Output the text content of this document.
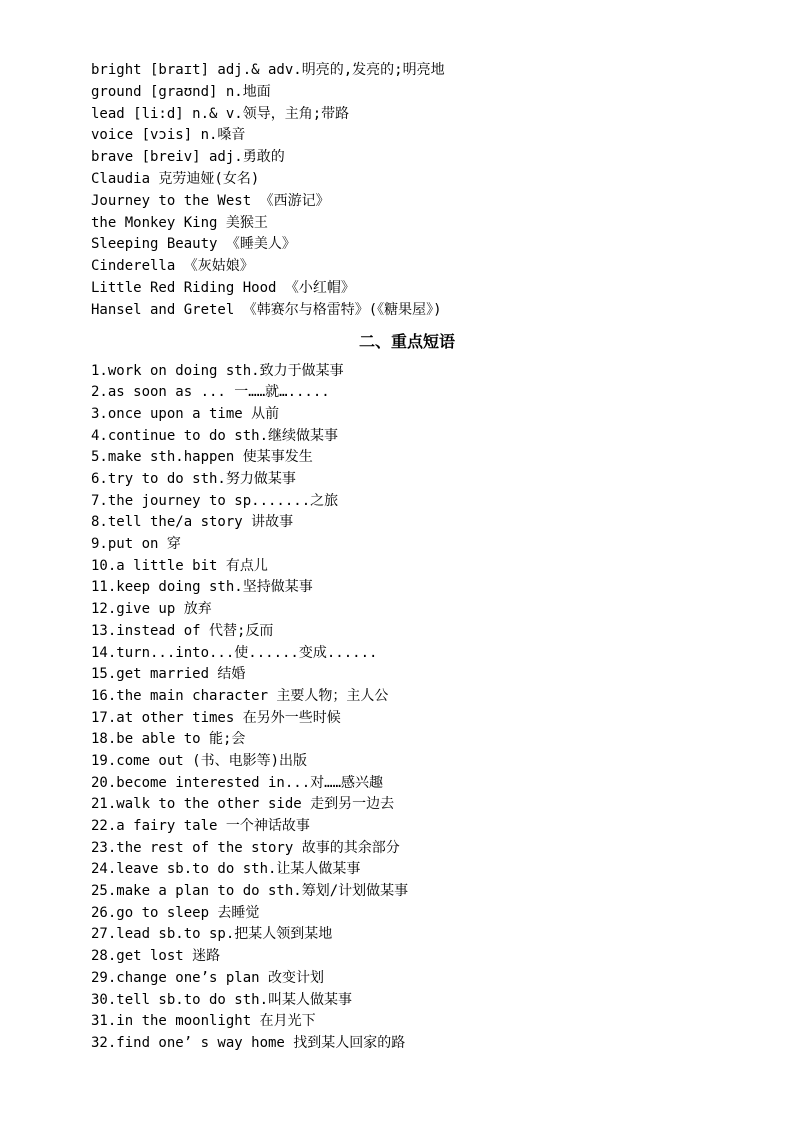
bright [braɪt] adj.& adv.明亮的,发亮的;明亮地
ground [graʊnd] n.地面
lead [li:d] n.& v.领导，主角;带路
voice [vɔis] n.嗓音
brave [breiv] adj.勇敢的
Claudia 克劳迪娅(女名)
Journey to the West 《西游记》
the Monkey King 美猴王
Sleeping Beauty 《睡美人》
Cinderella 《灰姑娘》
Little Red Riding Hood 《小红帽》
Hansel and Gretel 《韩赛尔与格雷特》(《糖果屋》)
二、重点短语
1.work on doing sth.致力于做某事
2.as soon as ... 一……就….....
3.once upon a time 从前
4.continue to do sth.继续做某事
5.make sth.happen 使某事发生
6.try to do sth.努力做某事
7.the journey to sp.......之旅
8.tell the/a story 讲故事
9.put on 穿
10.a little bit 有点儿
11.keep doing sth.坚持做某事
12.give up 放弃
13.instead of 代替;反而
14.turn...into...使......变成......
15.get married 结婚
16.the main character 主要人物；主人公
17.at other times 在另外一些时候
18.be able to 能;会
19.come out (书、电影等)出版
20.become interested in...对……感兴趣
21.walk to the other side 走到另一边去
22.a fairy tale 一个神话故事
23.the rest of the story 故事的其余部分
24.leave sb.to do sth.让某人做某事
25.make a plan to do sth.筹划/计划做某事
26.go to sleep 去睡觉
27.lead sb.to sp.把某人领到某地
28.get lost 迷路
29.change one’s plan 改变计划
30.tell sb.to do sth.叫某人做某事
31.in the moonlight 在月光下
32.find one’ s way home 找到某人回家的路
